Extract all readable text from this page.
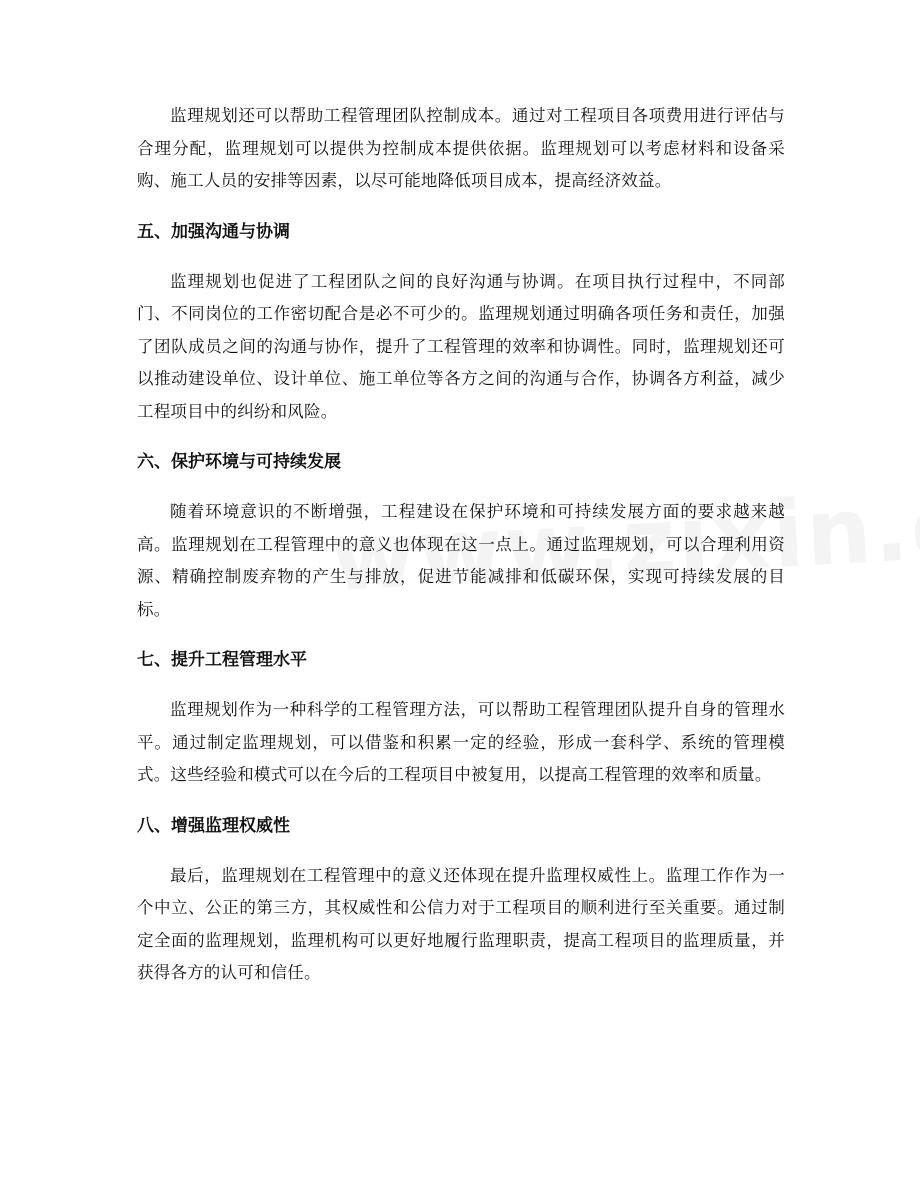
监理规划还可以帮助工程管理团队控制成本。通过对工程项目各项费用进行评估与合理分配，监理规划可以提供为控制成本提供依据。监理规划可以考虑材料和设备采购、施工人员的安排等因素，以尽可能地降低项目成本，提高经济效益。

五、加强沟通与协调

监理规划也促进了工程团队之间的良好沟通与协调。在项目执行过程中，不同部门、不同岗位的工作密切配合是必不可少的。监理规划通过明确各项任务和责任，加强了团队成员之间的沟通与协作，提升了工程管理的效率和协调性。同时，监理规划还可以推动建设单位、设计单位、施工单位等各方之间的沟通与合作，协调各方利益，减少工程项目中的纠纷和风险。

六、保护环境与可持续发展

随着环境意识的不断增强，工程建设在保护环境和可持续发展方面的要求越来越高。监理规划在工程管理中的意义也体现在这一点上。通过监理规划，可以合理利用资源、精确控制废弃物的产生与排放，促进节能减排和低碳环保，实现可持续发展的目标。

七、提升工程管理水平

监理规划作为一种科学的工程管理方法，可以帮助工程管理团队提升自身的管理水平。通过制定监理规划，可以借鉴和积累一定的经验，形成一套科学、系统的管理模式。这些经验和模式可以在今后的工程项目中被复用，以提高工程管理的效率和质量。

八、增强监理权威性

最后，监理规划在工程管理中的意义还体现在提升监理权威性上。监理工作作为一个中立、公正的第三方，其权威性和公信力对于工程项目的顺利进行至关重要。通过制定全面的监理规划，监理机构可以更好地履行监理职责，提高工程项目的监理质量，并获得各方的认可和信任。
